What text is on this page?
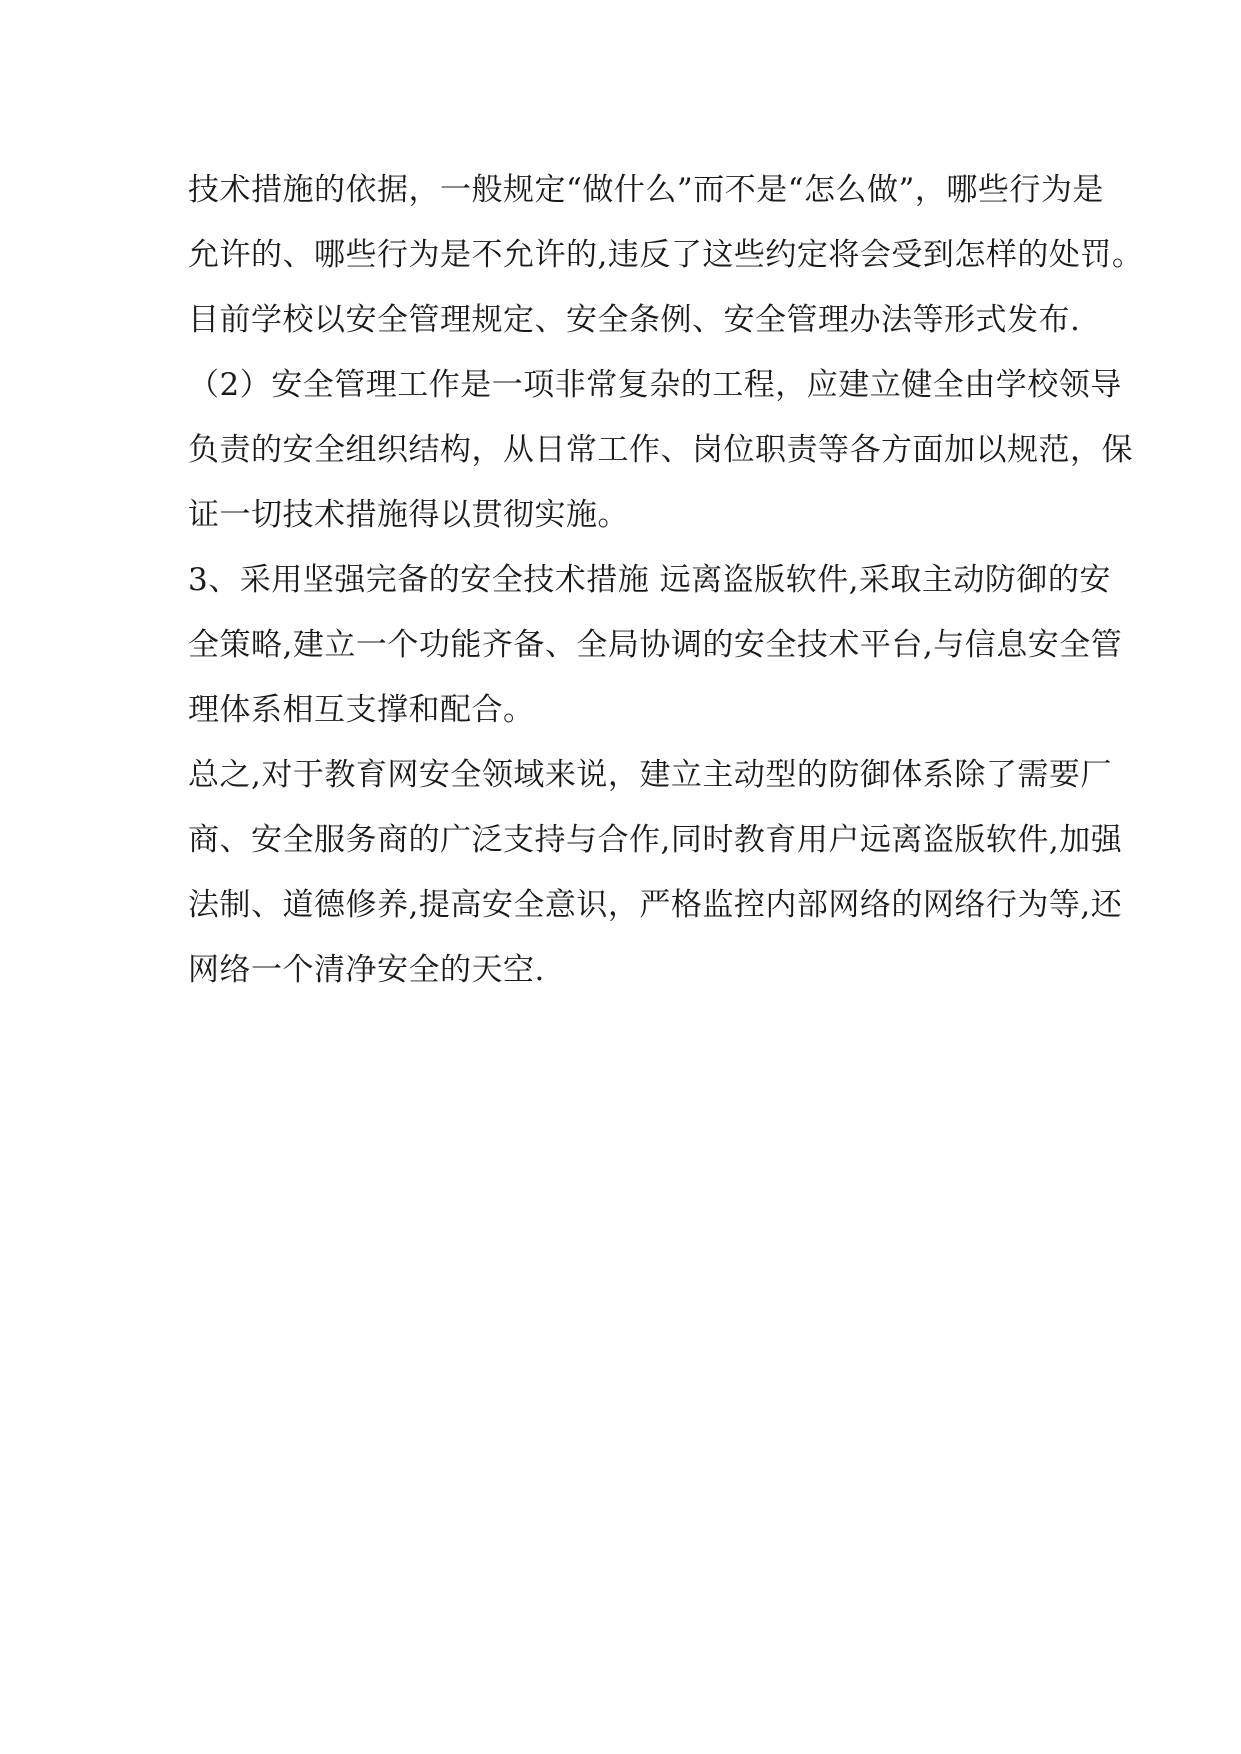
技术措施的依据，一般规定“做什么”而不是“怎么做”，哪些行为是
允许的、哪些行为是不允许的,违反了这些约定将会受到怎样的处罚。
目前学校以安全管理规定、安全条例、安全管理办法等形式发布.
（2）安全管理工作是一项非常复杂的工程，应建立健全由学校领导
负责的安全组织结构，从日常工作、岗位职责等各方面加以规范，保
证一切技术措施得以贯彻实施。
3、采用坚强完备的安全技术措施 远离盗版软件,采取主动防御的安
全策略,建立一个功能齐备、全局协调的安全技术平台,与信息安全管
理体系相互支撑和配合。
总之,对于教育网安全领域来说，建立主动型的防御体系除了需要厂
商、安全服务商的广泛支持与合作,同时教育用户远离盗版软件,加强
法制、道德修养,提高安全意识，严格监控内部网络的网络行为等,还
网络一个清净安全的天空.
